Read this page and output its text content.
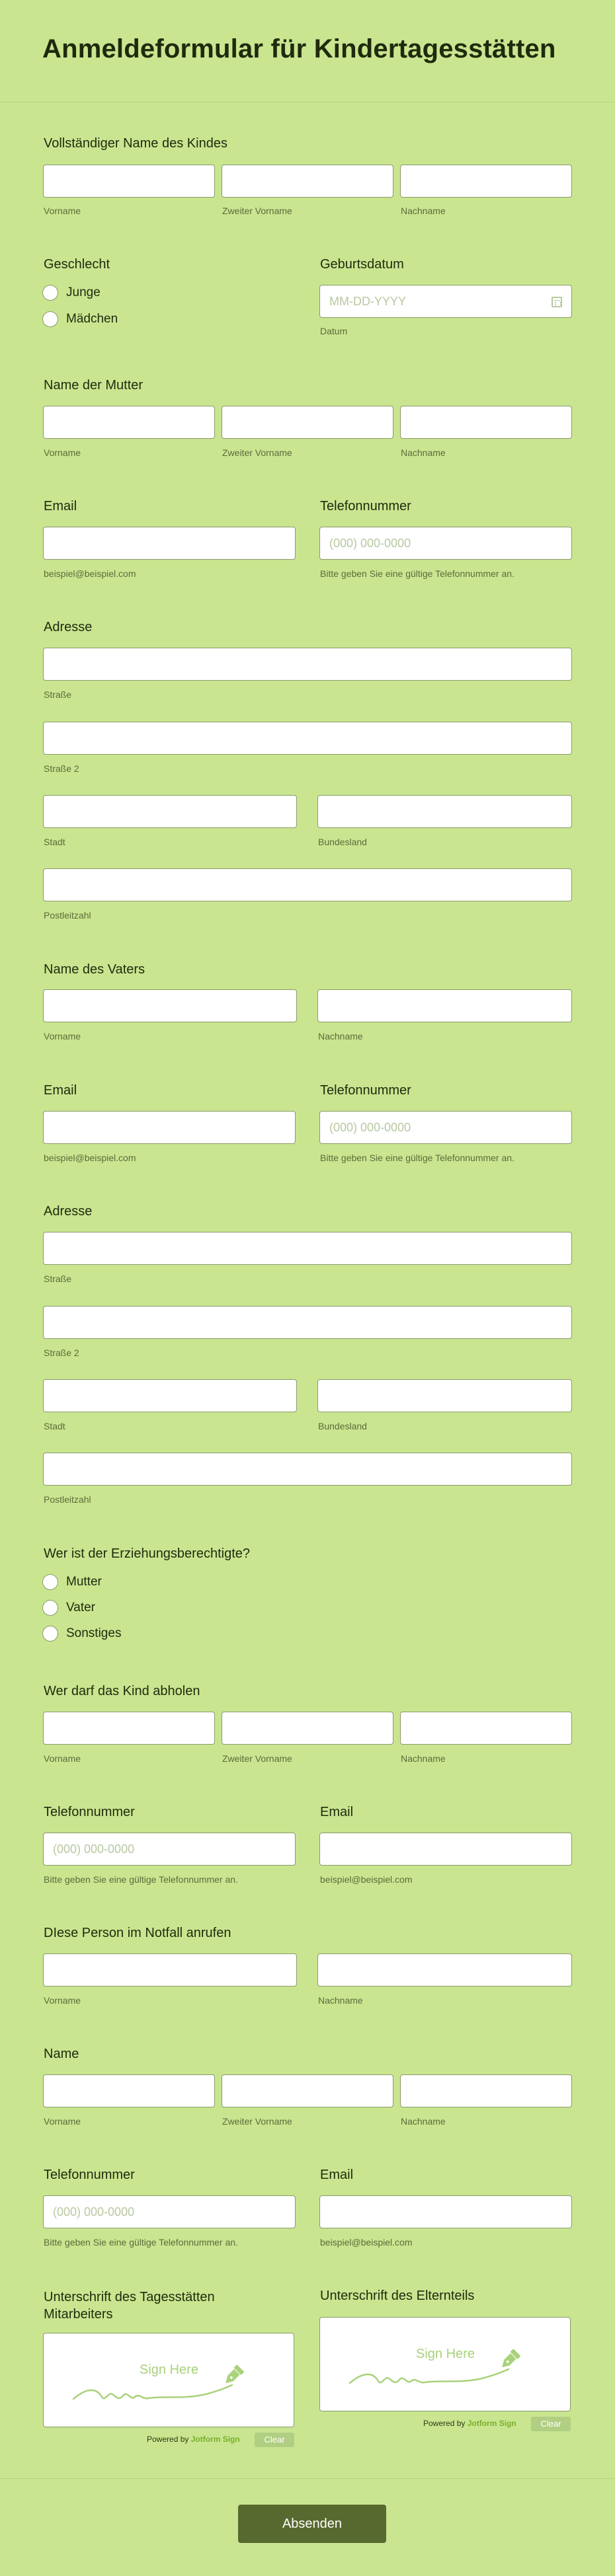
Anmeldeformular für Kindertagesstätten
Vollständiger Name des Kindes
Vorname	Zweiter Vorname	Nachname
Geschlecht
Junge
Mädchen
Geburtsdatum
MM-DD-YYYY
Datum
Name der Mutter
Vorname	Zweiter Vorname	Nachname
Email
beispiel@beispiel.com
Telefonnummer
(000) 000-0000
Bitte geben Sie eine gültige Telefonnummer an.
Adresse
Straße
Straße 2
Stadt	Bundesland
Postleitzahl
Name des Vaters
Vorname	Nachname
Email
beispiel@beispiel.com
Telefonnummer
(000) 000-0000
Bitte geben Sie eine gültige Telefonnummer an.
Adresse
Straße
Straße 2
Stadt	Bundesland
Postleitzahl
Wer ist der Erziehungsberechtigte?
Mutter
Vater
Sonstiges
Wer darf das Kind abholen
Vorname	Zweiter Vorname	Nachname
Telefonnummer
(000) 000-0000
Bitte geben Sie eine gültige Telefonnummer an.
Email
beispiel@beispiel.com
DIese Person im Notfall anrufen
Vorname	Nachname
Name
Vorname	Zweiter Vorname	Nachname
Telefonnummer
(000) 000-0000
Bitte geben Sie eine gültige Telefonnummer an.
Email
beispiel@beispiel.com
Unterschrift des Tagesstätten Mitarbeiters
Sign Here
Powered by Jotform Sign	Clear
Unterschrift des Elternteils
Sign Here
Powered by Jotform Sign	Clear
Absenden
